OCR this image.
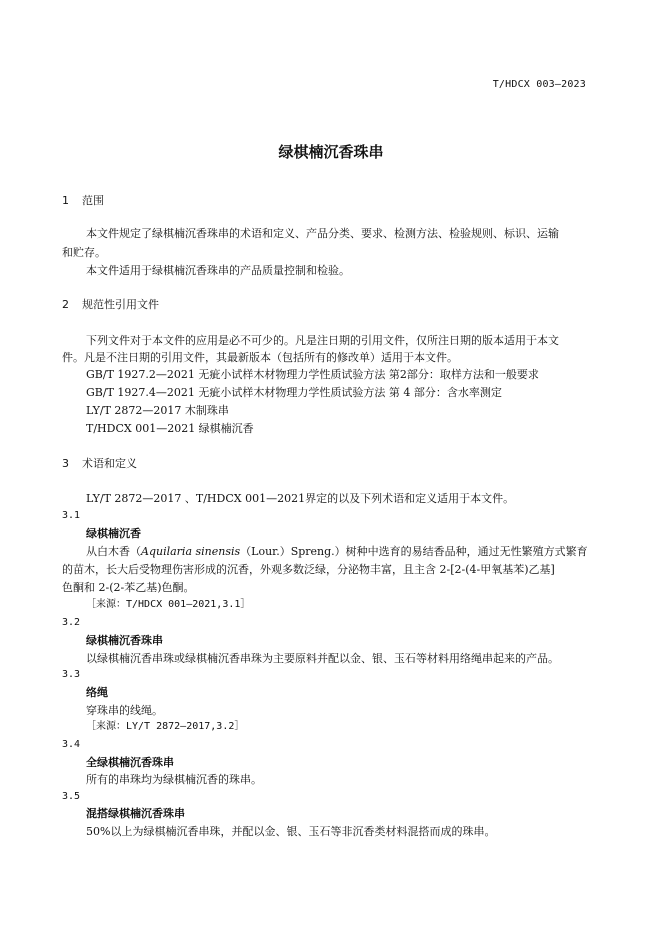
T/HDCX 003—2023
绿棋楠沉香珠串
1 范围
本文件规定了绿棋楠沉香珠串的术语和定义、产品分类、要求、检测方法、检验规则、标识、运输
和贮存。
本文件适用于绿棋楠沉香珠串的产品质量控制和检验。
2 规范性引用文件
下列文件对于本文件的应用是必不可少的。凡是注日期的引用文件，仅所注日期的版本适用于本文
件。凡是不注日期的引用文件，其最新版本（包括所有的修改单）适用于本文件。
GB/T 1927.2—2021 无疵小试样木材物理力学性质试验方法 第2部分：取样方法和一般要求
GB/T 1927.4—2021 无疵小试样木材物理力学性质试验方法 第 4 部分：含水率测定
LY/T 2872—2017 木制珠串
T/HDCX 001—2021 绿棋楠沉香
3 术语和定义
LY/T 2872—2017 、T/HDCX 001—2021界定的以及下列术语和定义适用于本文件。
3.1
绿棋楠沉香
从白木香（Aquilaria sinensis（Lour.）Spreng.）树种中选育的易结香品种，通过无性繁殖方式繁育
的苗木，长大后受物理伤害形成的沉香，外观多数泛绿，分泌物丰富，且主含 2-[2-(4-甲氧基苯)乙基]
色酮和 2-(2-苯乙基)色酮。
［来源：T/HDCX 001—2021,3.1］
3.2
绿棋楠沉香珠串
以绿棋楠沉香串珠或绿棋楠沉香串珠为主要原料并配以金、银、玉石等材料用络绳串起来的产品。
3.3
络绳
穿珠串的线绳。
［来源：LY/T 2872—2017,3.2］
3.4
全绿棋楠沉香珠串
所有的串珠均为绿棋楠沉香的珠串。
3.5
混搭绿棋楠沉香珠串
50%以上为绿棋楠沉香串珠，并配以金、银、玉石等非沉香类材料混搭而成的珠串。
